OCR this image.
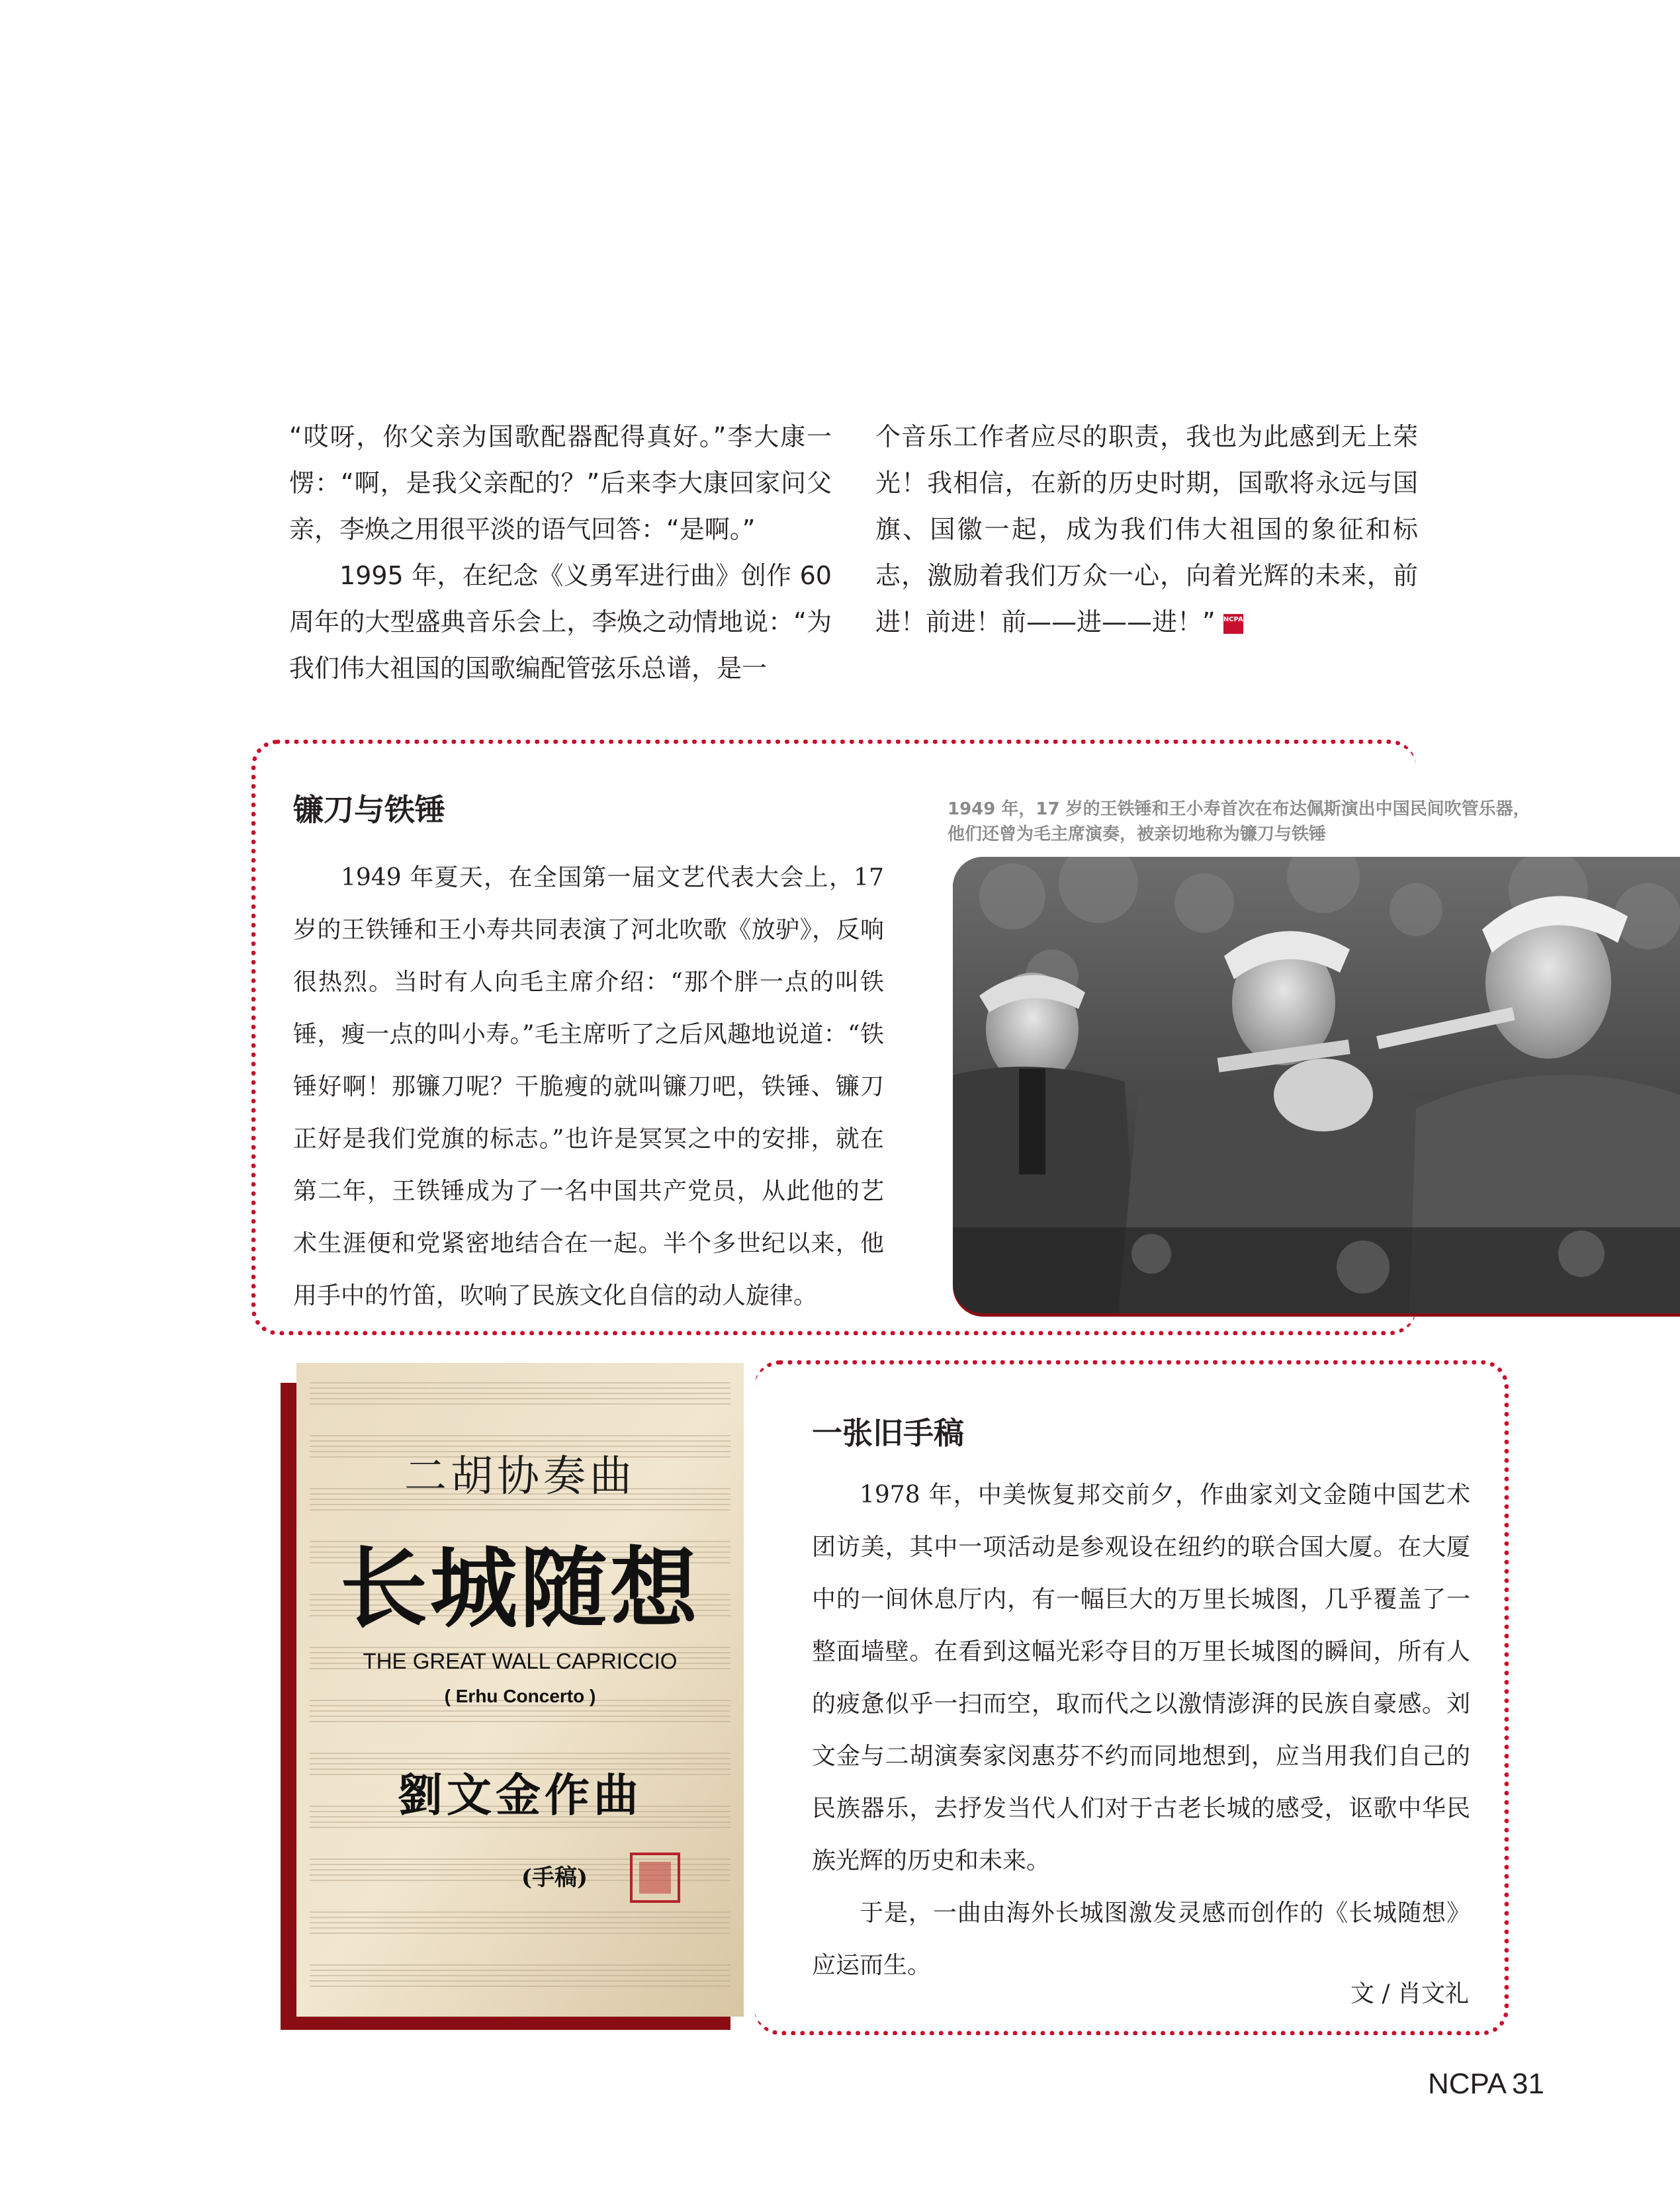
“哎呀，你父亲为国歌配器配得真好。”李大康一愣：“啊，是我父亲配的？”后来李大康回家问父亲，李焕之用很平淡的语气回答：“是啊。”

1995 年，在纪念《义勇军进行曲》创作 60 周年的大型盛典音乐会上，李焕之动情地说：“为我们伟大祖国的国歌编配管弦乐总谱，是一

个音乐工作者应尽的职责，我也为此感到无上荣光！我相信，在新的历史时期，国歌将永远与国旗、国徽一起，成为我们伟大祖国的象征和标志，激励着我们万众一心，向着光辉的未来，前进！前进！前——进——进！” NCPA

镰刀与铁锤

1949 年夏天，在全国第一届文艺代表大会上，17 岁的王铁锤和王小寿共同表演了河北吹歌《放驴》，反响很热烈。当时有人向毛主席介绍：“那个胖一点的叫铁锤，瘦一点的叫小寿。”毛主席听了之后风趣地说道：“铁锤好啊！那镰刀呢？干脆瘦的就叫镰刀吧，铁锤、镰刀正好是我们党旗的标志。”也许是冥冥之中的安排，就在第二年，王铁锤成为了一名中国共产党员，从此他的艺术生涯便和党紧密地结合在一起。半个多世纪以来，他用手中的竹笛，吹响了民族文化自信的动人旋律。

1949 年，17 岁的王铁锤和王小寿首次在布达佩斯演出中国民间吹管乐器，他们还曾为毛主席演奏，被亲切地称为镰刀与铁锤
二胡协奏曲
长城随想
THE GREAT WALL CAPRICCIO
( Erhu Concerto )
劉文金作曲
(手稿)
一张旧手稿

1978 年，中美恢复邦交前夕，作曲家刘文金随中国艺术团访美，其中一项活动是参观设在纽约的联合国大厦。在大厦中的一间休息厅内，有一幅巨大的万里长城图，几乎覆盖了一整面墙壁。在看到这幅光彩夺目的万里长城图的瞬间，所有人的疲惫似乎一扫而空，取而代之以激情澎湃的民族自豪感。刘文金与二胡演奏家闵惠芬不约而同地想到，应当用我们自己的民族器乐，去抒发当代人们对于古老长城的感受，讴歌中华民族光辉的历史和未来。

于是，一曲由海外长城图激发灵感而创作的《长城随想》应运而生。

文 / 肖文礼
NCPA 31
